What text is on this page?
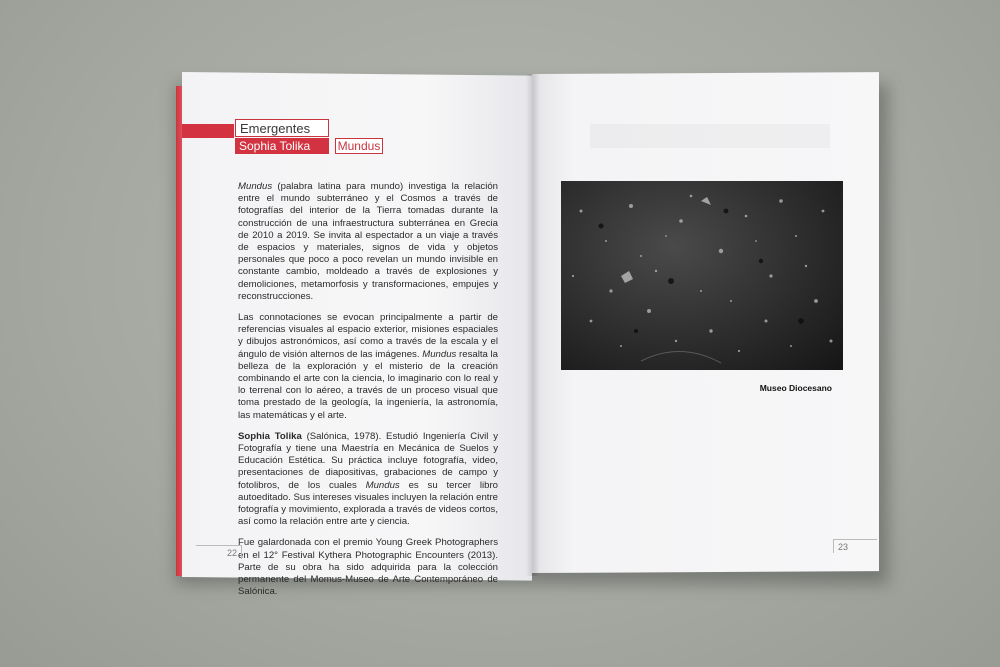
Emergentes
Sophia Tolika	Mundus

Mundus (palabra latina para mundo) investiga la relación entre el mundo subterráneo y el Cosmos a través de fotografías del interior de la Tierra tomadas durante la construcción de una infraestructura subterránea en Grecia de 2010 a 2019. Se invita al espectador a un viaje a través de espacios y materiales, signos de vida y objetos personales que poco a poco revelan un mundo invisible en constante cambio, moldeado a través de explosiones y demoliciones, metamorfosis y transformaciones, empujes y reconstrucciones.

Las connotaciones se evocan principalmente a partir de referencias visuales al espacio exterior, misiones espaciales y dibujos astronómicos, así como a través de la escala y el ángulo de visión alternos de las imágenes. Mundus resalta la belleza de la exploración y el misterio de la creación combinando el arte con la ciencia, lo imaginario con lo real y lo terrenal con lo aéreo, a través de un proceso visual que toma prestado de la geología, la ingeniería, la astronomía, las matemáticas y el arte.

Sophia Tolika (Salónica, 1978). Estudió Ingeniería Civil y Fotografía y tiene una Maestría en Mecánica de Suelos y Educación Estética. Su práctica incluye fotografía, video, presentaciones de diapositivas, grabaciones de campo y fotolibros, de los cuales Mundus es su tercer libro autoeditado. Sus intereses visuales incluyen la relación entre fotografía y movimiento, explorada a través de videos cortos, así como la relación entre arte y ciencia.

Fue galardonada con el premio Young Greek Photographers en el 12° Festival Kythera Photographic Encounters (2013). Parte de su obra ha sido adquirida para la colección permanente del Momus-Museo de Arte Contemporáneo de Salónica.

22
Museo Diocesano
23
